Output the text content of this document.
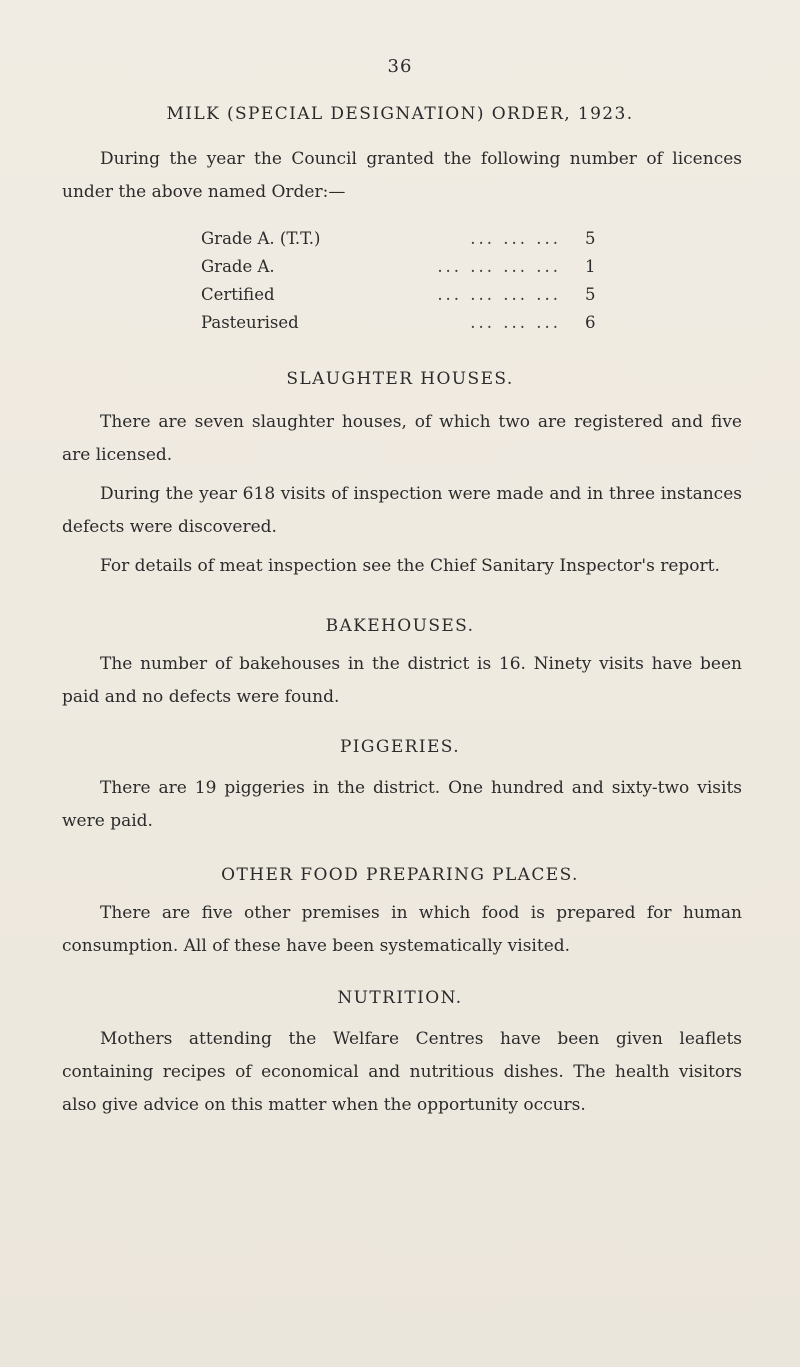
36
MILK (SPECIAL DESIGNATION) ORDER, 1923.
During the year the Council granted the following number of licences under the above named Order:—
Grade A. (T.T.)	... ... ... 5
Grade A.	... ... ... ... 1
Certified	... ... ... ... 5
Pasteurised	... ... ... 6
SLAUGHTER HOUSES.
There are seven slaughter houses, of which two are registered and five are licensed.
During the year 618 visits of inspection were made and in three instances defects were discovered.
For details of meat inspection see the Chief Sanitary Inspector's report.
BAKEHOUSES.
The number of bakehouses in the district is 16. Ninety visits have been paid and no defects were found.
PIGGERIES.
There are 19 piggeries in the district. One hundred and sixty-two visits were paid.
OTHER FOOD PREPARING PLACES.
There are five other premises in which food is prepared for human consumption. All of these have been systematically visited.
NUTRITION.
Mothers attending the Welfare Centres have been given leaflets containing recipes of economical and nutritious dishes. The health visitors also give advice on this matter when the opportunity occurs.
